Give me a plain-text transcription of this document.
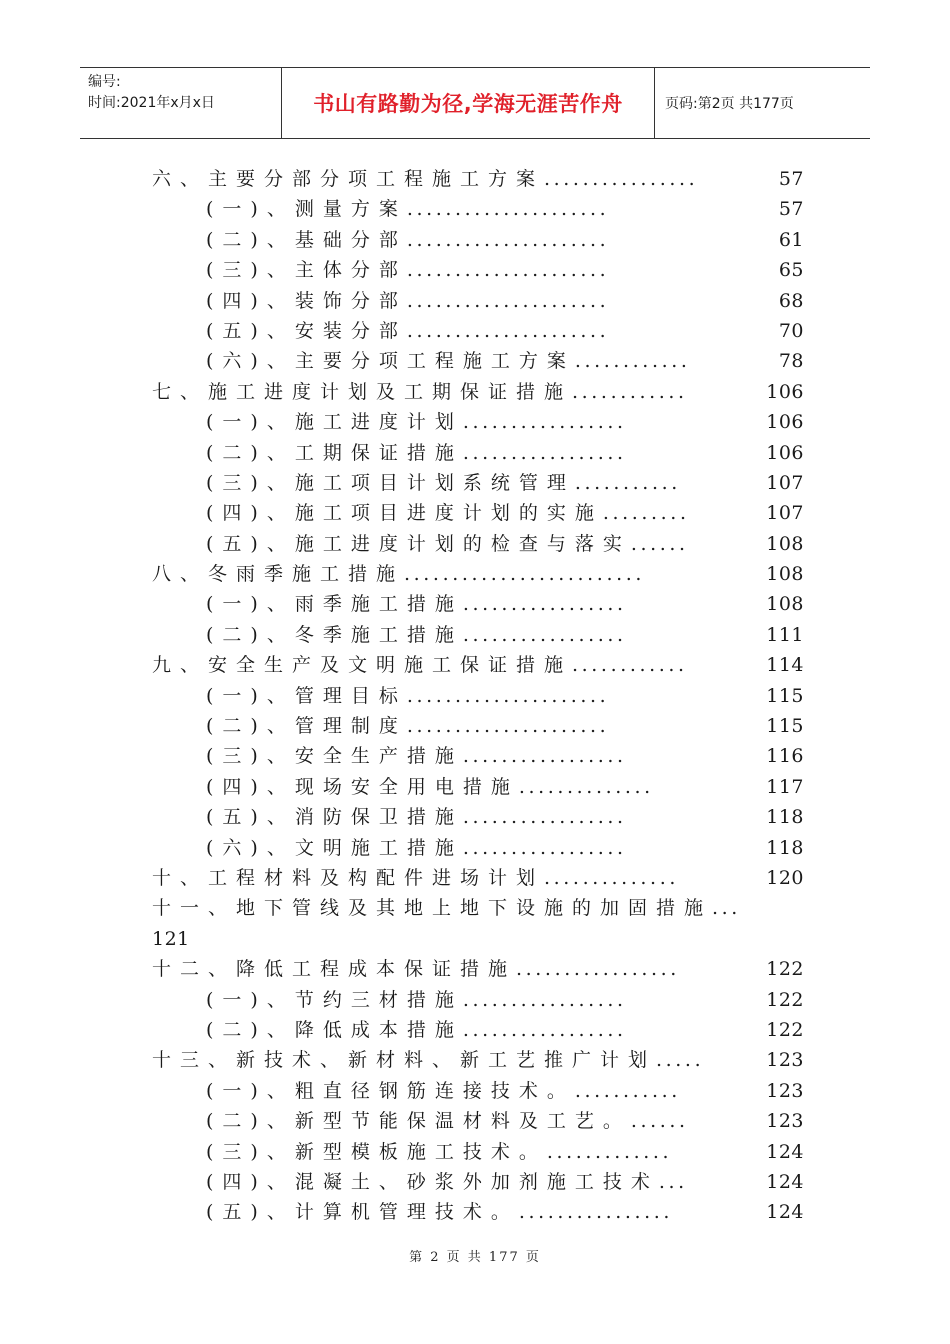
编号:
时间:2021年x月x日	书山有路勤为径,学海无涯苦作舟	页码:第2页 共177页
六、主要分部分项工程施工方案................	57
(一)、测量方案.....................	57
(二)、基础分部.....................	61
(三)、主体分部.....................	65
(四)、装饰分部.....................	68
(五)、安装分部.....................	70
(六)、主要分项工程施工方案............	78
七、施工进度计划及工期保证措施............	106
(一)、施工进度计划.................	106
(二)、工期保证措施.................	106
(三)、施工项目计划系统管理...........	107
(四)、施工项目进度计划的实施.........	107
(五)、施工进度计划的检查与落实......	108
八、冬雨季施工措施.........................	108
(一)、雨季施工措施.................	108
(二)、冬季施工措施.................	111
九、安全生产及文明施工保证措施............	114
(一)、管理目标.....................	115
(二)、管理制度.....................	115
(三)、安全生产措施.................	116
(四)、现场安全用电措施..............	117
(五)、消防保卫措施.................	118
(六)、文明施工措施.................	118
十、工程材料及构配件进场计划..............	120
十一、地下管线及其地上地下设施的加固措施...
121
十二、降低工程成本保证措施.................	122
(一)、节约三材措施.................	122
(二)、降低成本措施.................	122
十三、新技术、新材料、新工艺推广计划.....	123
(一)、粗直径钢筋连接技术。...........	123
(二)、新型节能保温材料及工艺。......	123
(三)、新型模板施工技术。.............	124
(四)、混凝土、砂浆外加剂施工技术...	124
(五)、计算机管理技术。................	124
第 2 页 共 177 页
